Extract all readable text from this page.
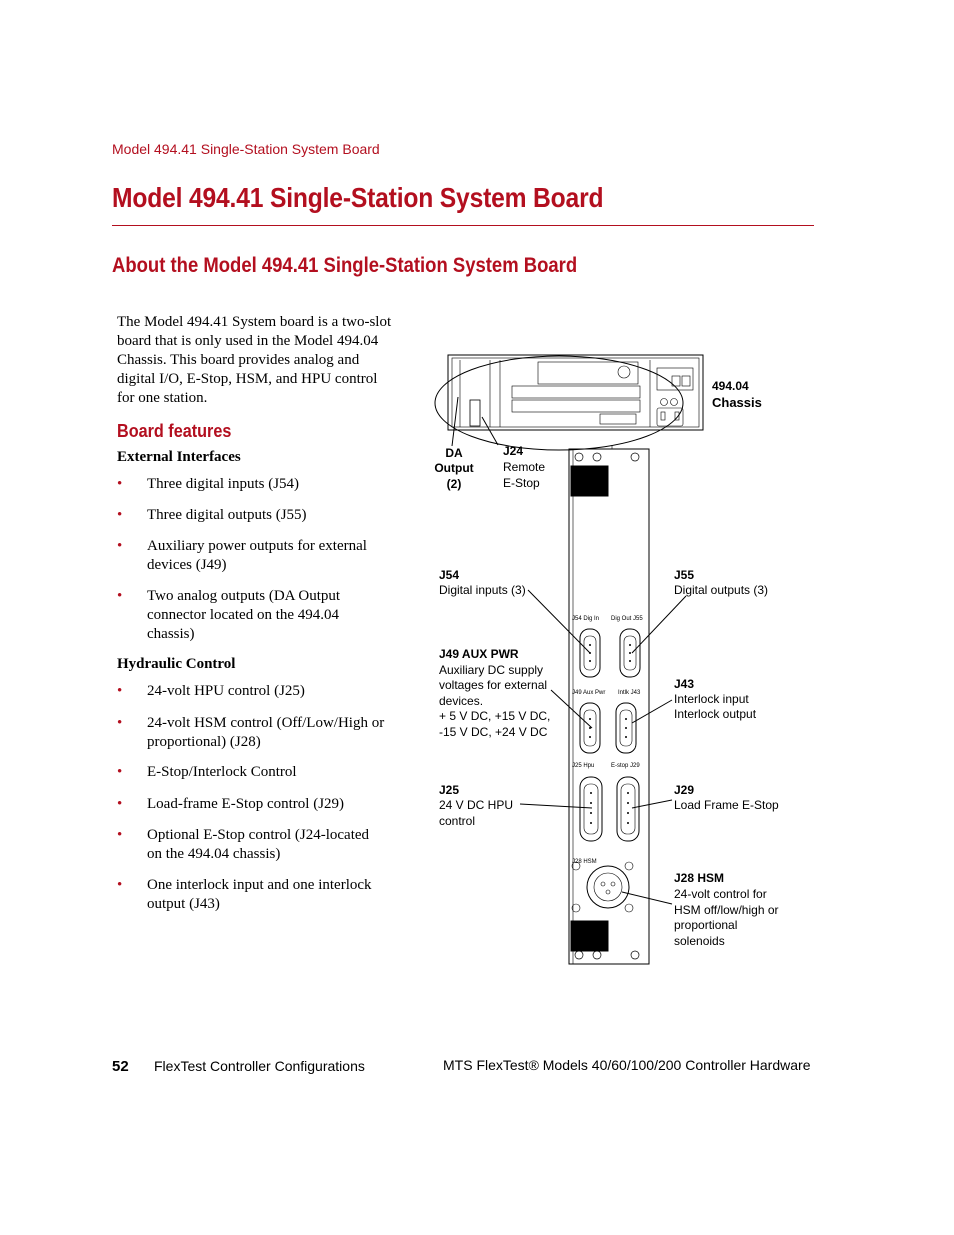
Model 494.41 Single-Station System Board
Model 494.41 Single-Station System Board
About the Model 494.41 Single-Station System Board
The Model 494.41 System board is a two-slot board that is only used in the Model 494.04 Chassis. This board provides analog and digital I/O, E-Stop, HSM, and HPU control for one station.
Board features
External Interfaces
• Three digital inputs (J54)
• Three digital outputs (J55)
• Auxiliary power outputs for external devices (J49)
• Two analog outputs (DA Output connector located on the 494.04 chassis)
Hydraulic Control
• 24-volt HPU control (J25)
• 24-volt HSM control (Off/Low/High or proportional) (J28)
• E-Stop/Interlock Control
• Load-frame E-Stop control (J29)
• Optional E-Stop control (J24-located on the 494.04 chassis)
• One interlock input and one interlock output (J43)
494.04
Chassis
DA
Output
(2)
J24
Remote
E-Stop
J54
Digital inputs (3)
J55
Digital outputs (3)
J49 AUX PWR
Auxiliary DC supply
voltages for external
devices.
+ 5 V DC, +15 V DC,
-15 V DC, +24 V DC
J43
Interlock input
Interlock output
J25
24 V DC HPU
control
J29
Load Frame E-Stop
J28 HSM
24-volt control for
HSM off/low/high or
proportional
solenoids
J54 Dig In Dig Out J55
J49 Aux Pwr Intlk J43
J25 Hpu	E-stop J29
J28 HSM
52 FlexTest Controller Configurations	MTS FlexTest® Models 40/60/100/200 Controller Hardware
